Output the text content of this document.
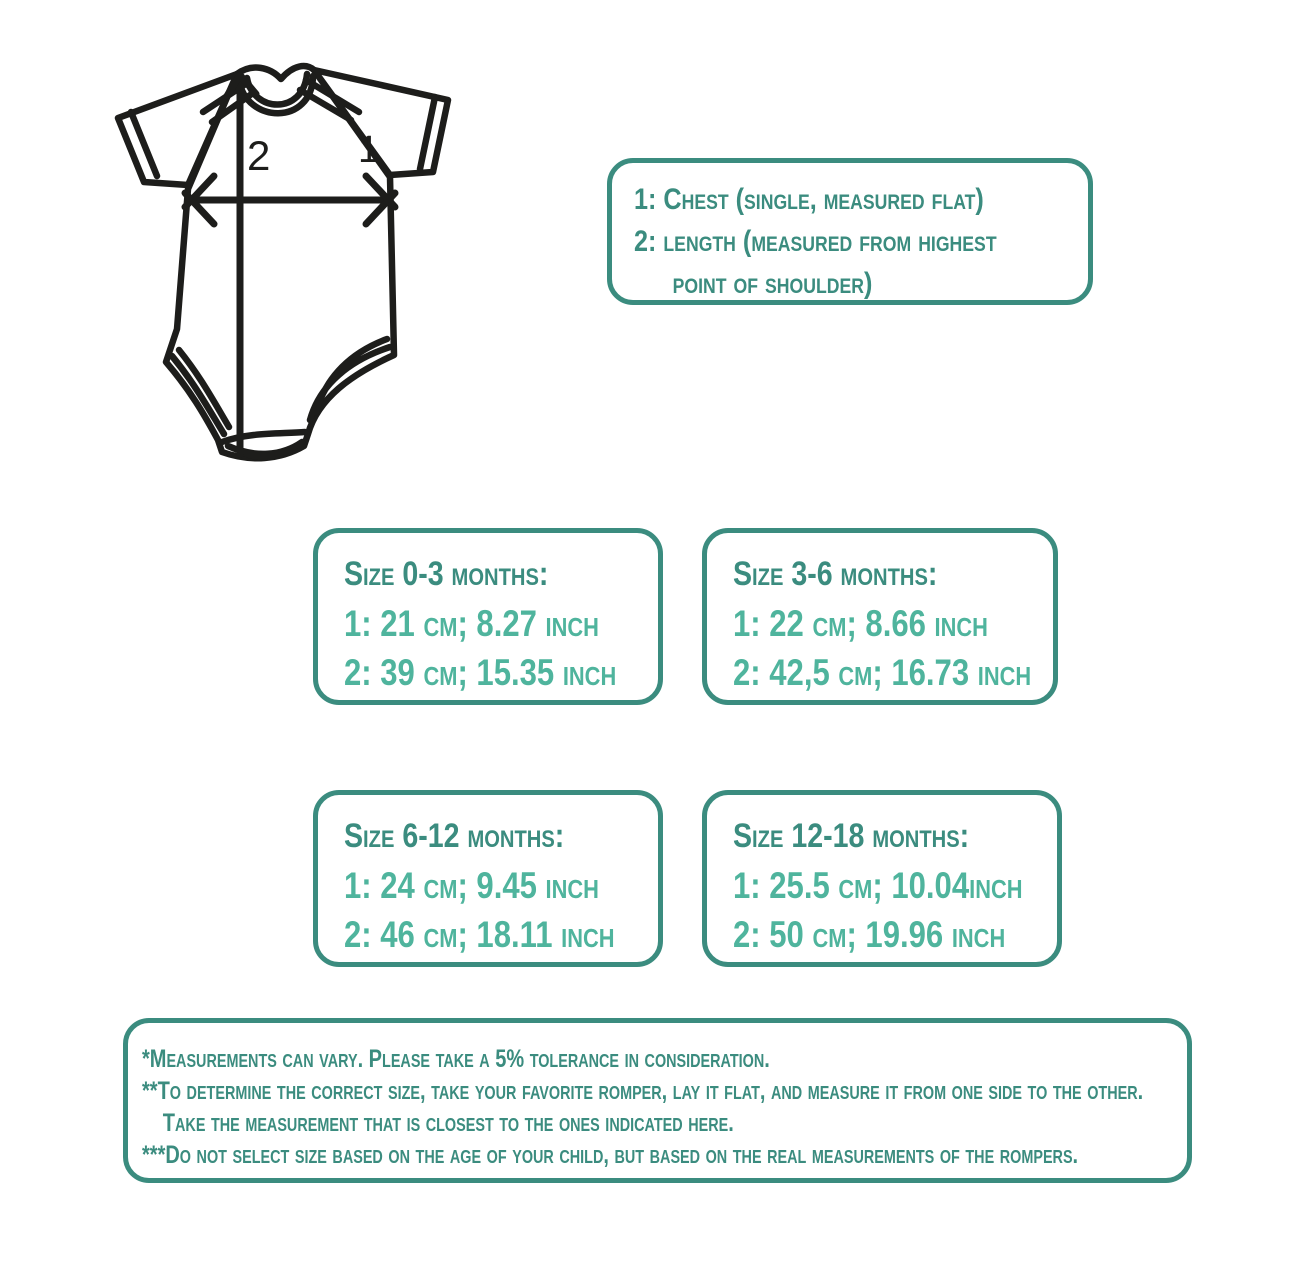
2 1
1: Chest (single, measured flat)
2: length (measured from highest
point of shoulder)
Size 0-3 months:
1: 21 cm; 8.27 inch
2: 39 cm; 15.35 inch
Size 3-6 months:
1: 22 cm; 8.66 inch
2: 42,5 cm; 16.73 inch
Size 6-12 months:
1: 24 cm; 9.45 inch
2: 46 cm; 18.11 inch
Size 12-18 months:
1: 25.5 cm; 10.04inch
2: 50 cm; 19.96 inch
*Measurements can vary. Please take a 5% tolerance in consideration.
**To determine the correct size, take your favorite romper, lay it flat, and measure it from one side to the other.
Take the measurement that is closest to the ones indicated here.
***Do not select size based on the age of your child, but based on the real measurements of the rompers.
